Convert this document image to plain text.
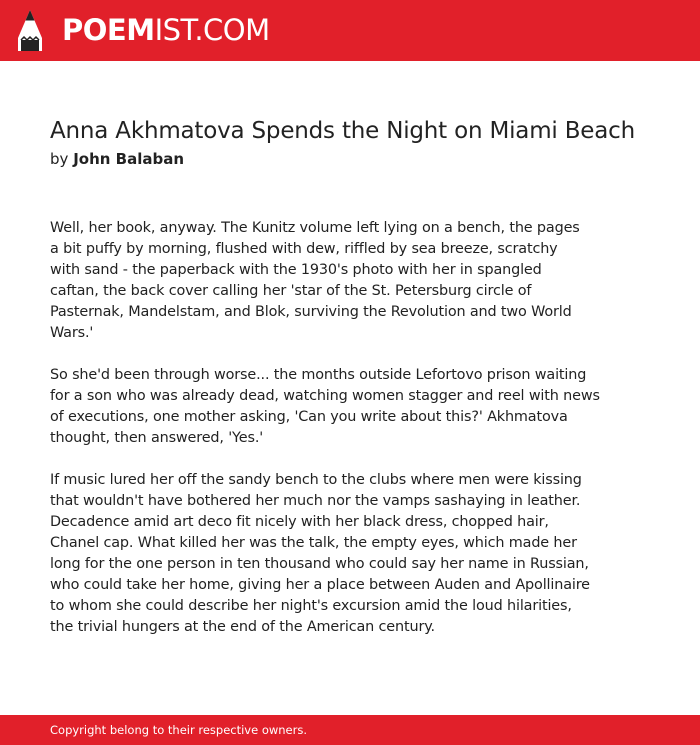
POEMIST.COM
Anna Akhmatova Spends the Night on Miami Beach
by John Balaban
Well, her book, anyway. The Kunitz volume left lying on a bench, the pages
a bit puffy by morning, flushed with dew, riffled by sea breeze, scratchy
with sand - the paperback with the 1930's photo with her in spangled
caftan, the back cover calling her 'star of the St. Petersburg circle of
Pasternak, Mandelstam, and Blok, surviving the Revolution and two World
Wars.'
So she'd been through worse... the months outside Lefortovo prison waiting
for a son who was already dead, watching women stagger and reel with news
of executions, one mother asking, 'Can you write about this?' Akhmatova
thought, then answered, 'Yes.'
If music lured her off the sandy bench to the clubs where men were kissing
that wouldn't have bothered her much nor the vamps sashaying in leather.
Decadence amid art deco fit nicely with her black dress, chopped hair,
Chanel cap. What killed her was the talk, the empty eyes, which made her
long for the one person in ten thousand who could say her name in Russian,
who could take her home, giving her a place between Auden and Apollinaire
to whom she could describe her night's excursion amid the loud hilarities,
the trivial hungers at the end of the American century.
Copyright belong to their respective owners.
